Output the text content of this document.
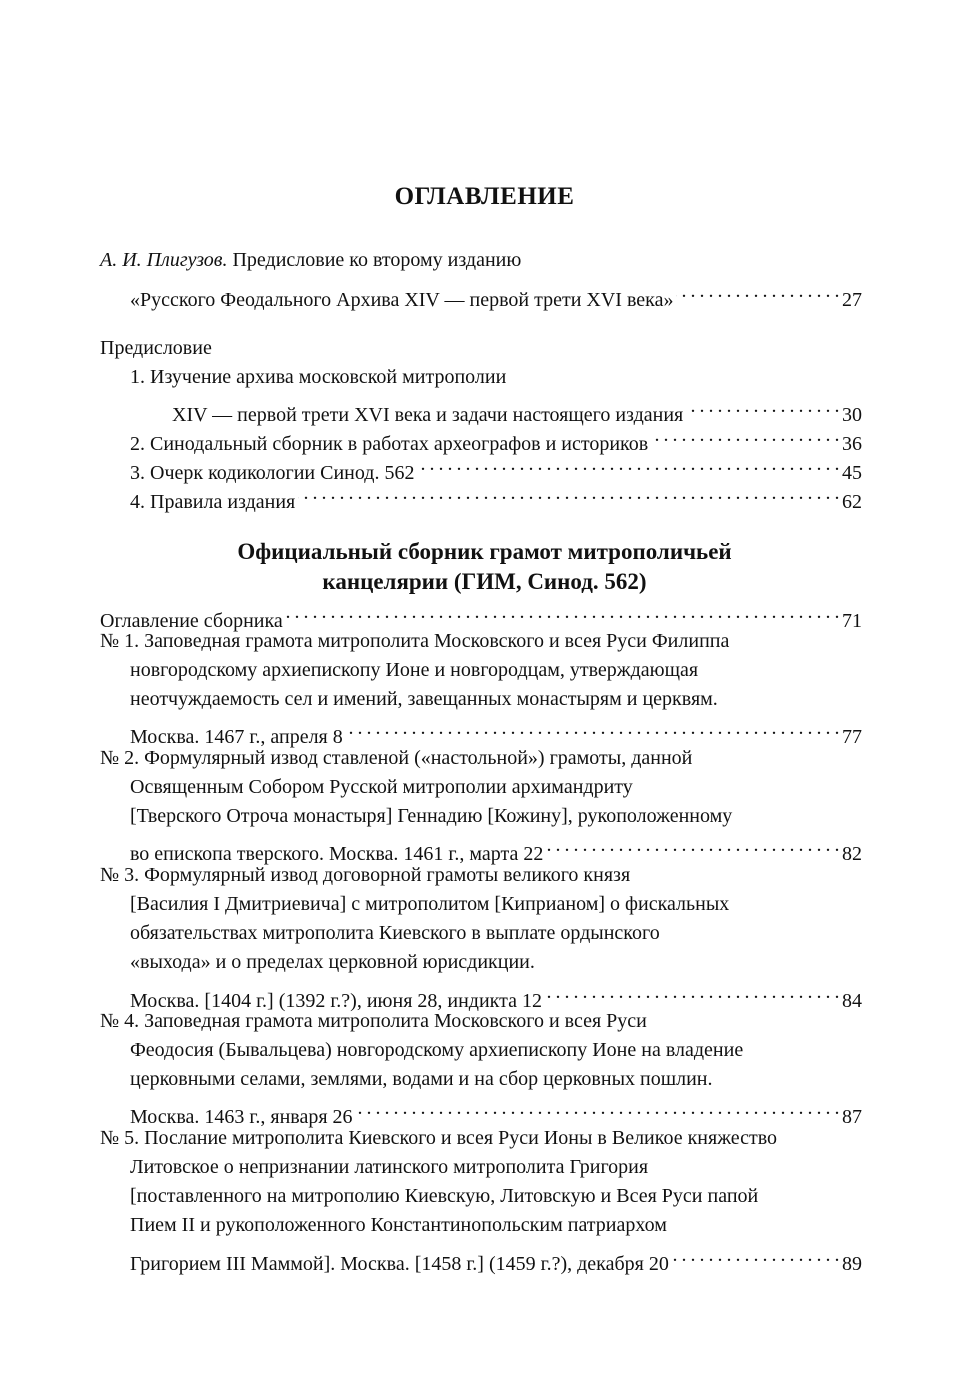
ОГЛАВЛЕНИЕ
А. И. Плигузов. Предисловие ко второму изданию
«Русского Феодального Архива XIV — первой трети XVI века» . . .	27
Предисловие
1. Изучение архива московской митрополии
XIV — первой трети XVI века и задачи настоящего издания . . .	30
2. Синодальный сборник в работах археографов и историков . . .	36
3. Очерк кодикологии Синод. 562 . . .	45
4. Правила издания . . .	62
Официальный сборник грамот митрополичьей
канцелярии (ГИМ, Синод. 562)
Оглавление сборника . . .	71
№ 1. Заповедная грамота митрополита Московского и всея Руси Филиппа
новгородскому архиепископу Ионе и новгородцам, утверждающая
неотчуждаемость сел и имений, завещанных монастырям и церквям.
Москва. 1467 г., апреля 8 . . .	77
№ 2. Формулярный извод ставленой («настольной») грамоты, данной
Освященным Собором Русской митрополии архимандриту
[Тверского Отроча монастыря] Геннадию [Кожину], рукоположенному
во епископа тверского. Москва. 1461 г., марта 22 . . .	82
№ 3. Формулярный извод договорной грамоты великого князя
[Василия I Дмитриевича] с митрополитом [Киприаном] о фискальных
обязательствах митрополита Киевского в выплате ордынского
«выхода» и о пределах церковной юрисдикции.
Москва. [1404 г.] (1392 г.?), июня 28, индикта 12 . . .	84
№ 4. Заповедная грамота митрополита Московского и всея Руси
Феодосия (Бывальцева) новгородскому архиепископу Ионе на владение
церковными селами, землями, водами и на сбор церковных пошлин.
Москва. 1463 г., января 26 . . .	87
№ 5. Послание митрополита Киевского и всея Руси Ионы в Великое княжество
Литовское о непризнании латинского митрополита Григория
[поставленного на митрополию Киевскую, Литовскую и Всея Руси папой
Пием II и рукоположенного Константинопольским патриархом
Григорием III Маммой]. Москва. [1458 г.] (1459 г.?), декабря 20 . . .	89
